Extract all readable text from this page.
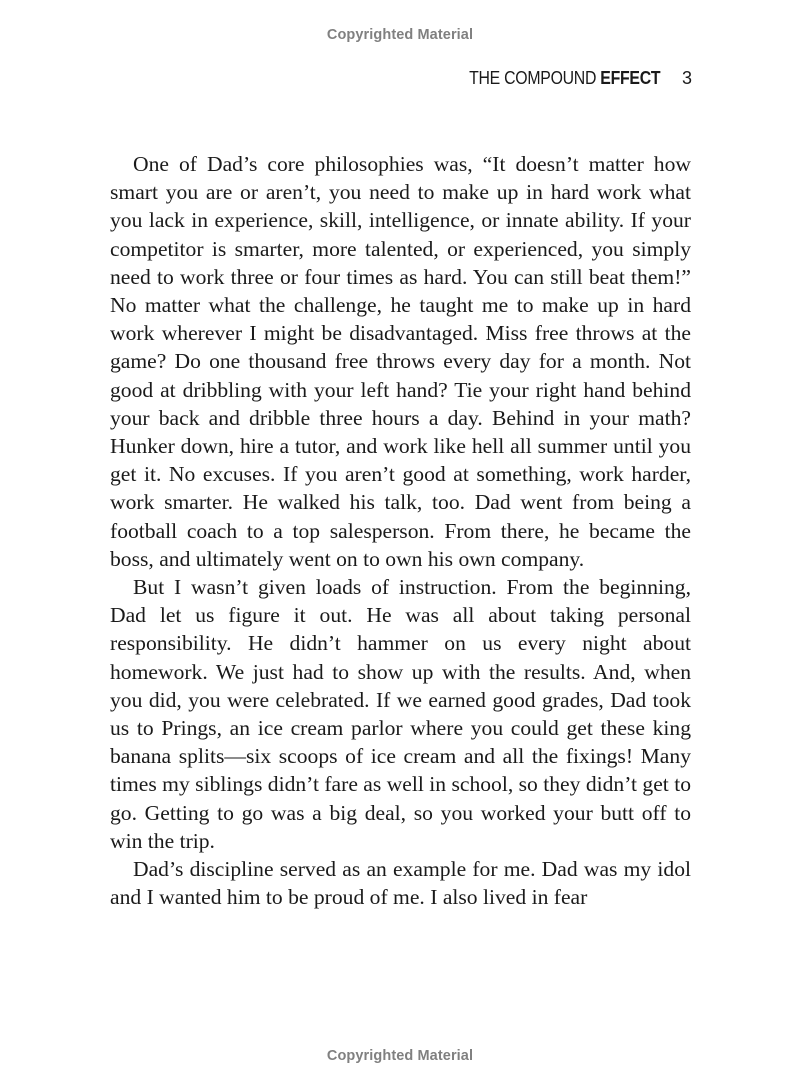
Copyrighted Material
THE COMPOUND EFFECT 3

One of Dad’s core philosophies was, “It doesn’t matter how smart you are or aren’t, you need to make up in hard work what you lack in experience, skill, intelligence, or innate ability. If your competitor is smarter, more talented, or experienced, you simply need to work three or four times as hard. You can still beat them!” No matter what the challenge, he taught me to make up in hard work wherever I might be disadvantaged. Miss free throws at the game? Do one thousand free throws every day for a month. Not good at dribbling with your left hand? Tie your right hand behind your back and dribble three hours a day. Behind in your math? Hunker down, hire a tutor, and work like hell all summer until you get it. No excuses. If you aren’t good at something, work harder, work smarter. He walked his talk, too. Dad went from being a football coach to a top salesperson. From there, he became the boss, and ultimately went on to own his own company.

But I wasn’t given loads of instruction. From the beginning, Dad let us figure it out. He was all about taking personal responsibility. He didn’t hammer on us every night about homework. We just had to show up with the results. And, when you did, you were celebrated. If we earned good grades, Dad took us to Prings, an ice cream parlor where you could get these king banana splits—six scoops of ice cream and all the fixings! Many times my siblings didn’t fare as well in school, so they didn’t get to go. Getting to go was a big deal, so you worked your butt off to win the trip.

Dad’s discipline served as an example for me. Dad was my idol and I wanted him to be proud of me. I also lived in fear

Copyrighted Material
